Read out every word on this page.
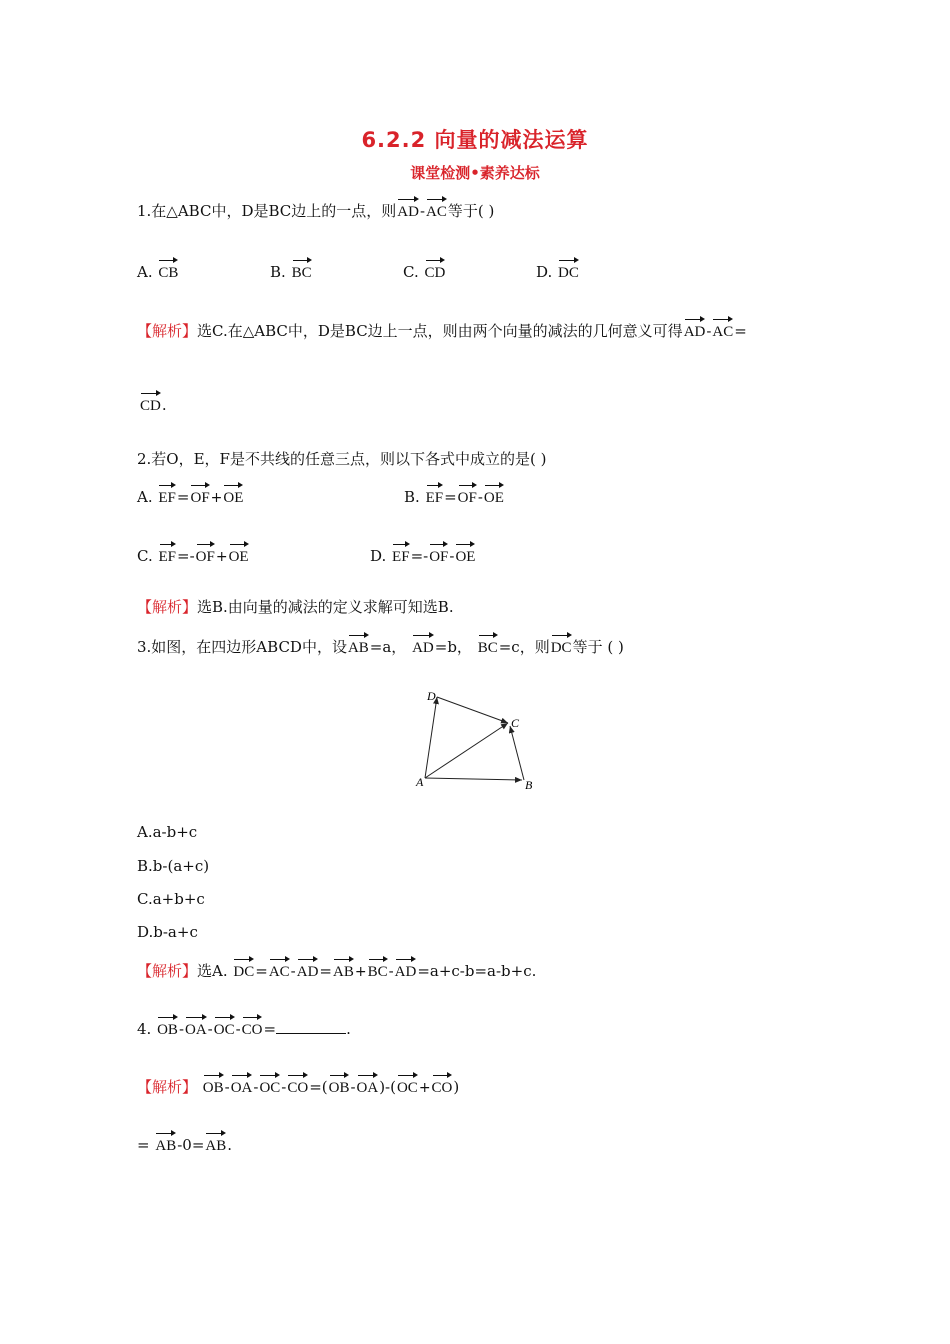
6.2.2 向量的减法运算
课堂检测•素养达标
1.在△ABC中，D是BC边上的一点，则AD-AC等于( )
A. CB	B. BC	C. CD	D. DC
【解析】选C.在△ABC中，D是BC边上一点，则由两个向量的减法的几何意义可得AD-AC=
CD.
2.若O，E，F是不共线的任意三点，则以下各式中成立的是( )
A. EF=OF+OE	B. EF=OF-OE
C. EF=-OF+OE	D. EF=-OF-OE
【解析】选B.由向量的减法的定义求解可知选B.
3.如图，在四边形ABCD中，设AB=a， AD=b， BC=c，则DC等于 ( )
D
C
A	B
A.a-b+c
B.b-(a+c)
C.a+b+c
D.b-a+c
【解析】选A. DC=AC-AD=AB+BC-AD=a+c-b=a-b+c.
4. OB-OA-OC-CO=	.
【解析】 OB-OA-OC-CO=(OB-OA)-(OC+CO)
= AB-0=AB.
